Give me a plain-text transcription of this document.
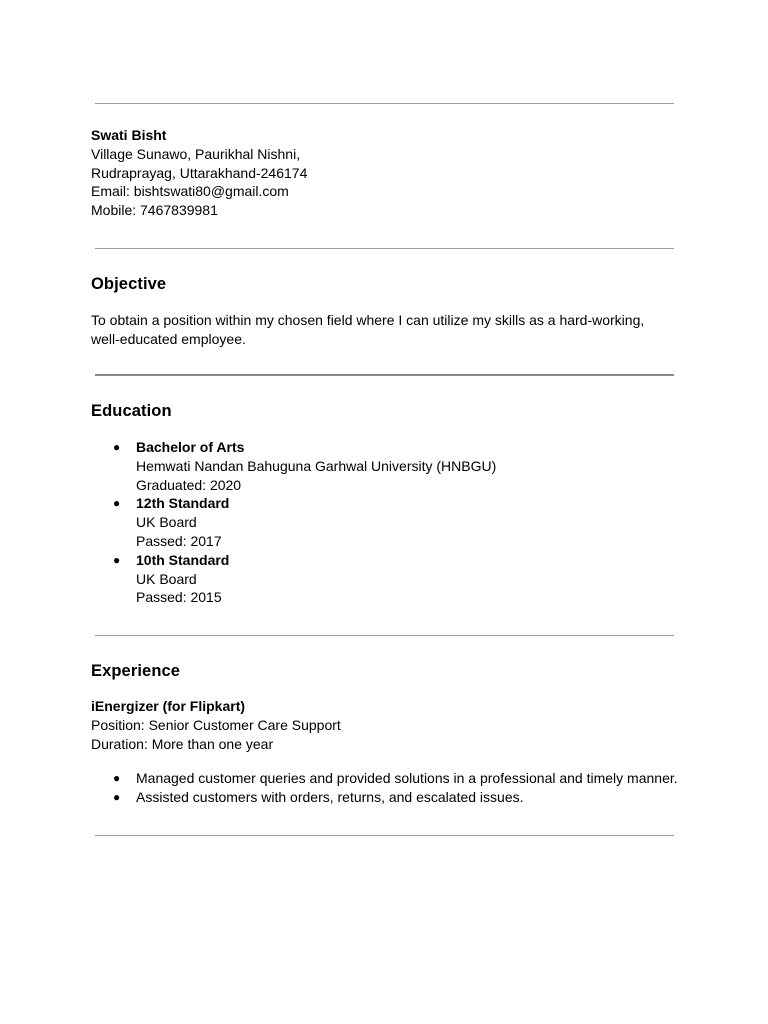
Swati Bisht
Village Sunawo, Paurikhal Nishni,
Rudraprayag, Uttarakhand-246174
Email: bishtswati80@gmail.com
Mobile: 7467839981
Objective
To obtain a position within my chosen field where I can utilize my skills as a hard-working,
well-educated employee.
Education
● Bachelor of Arts
Hemwati Nandan Bahuguna Garhwal University (HNBGU)
Graduated: 2020
● 12th Standard
UK Board
Passed: 2017
● 10th Standard
UK Board
Passed: 2015
Experience
iEnergizer (for Flipkart)
Position: Senior Customer Care Support
Duration: More than one year
● Managed customer queries and provided solutions in a professional and timely manner.
● Assisted customers with orders, returns, and escalated issues.
